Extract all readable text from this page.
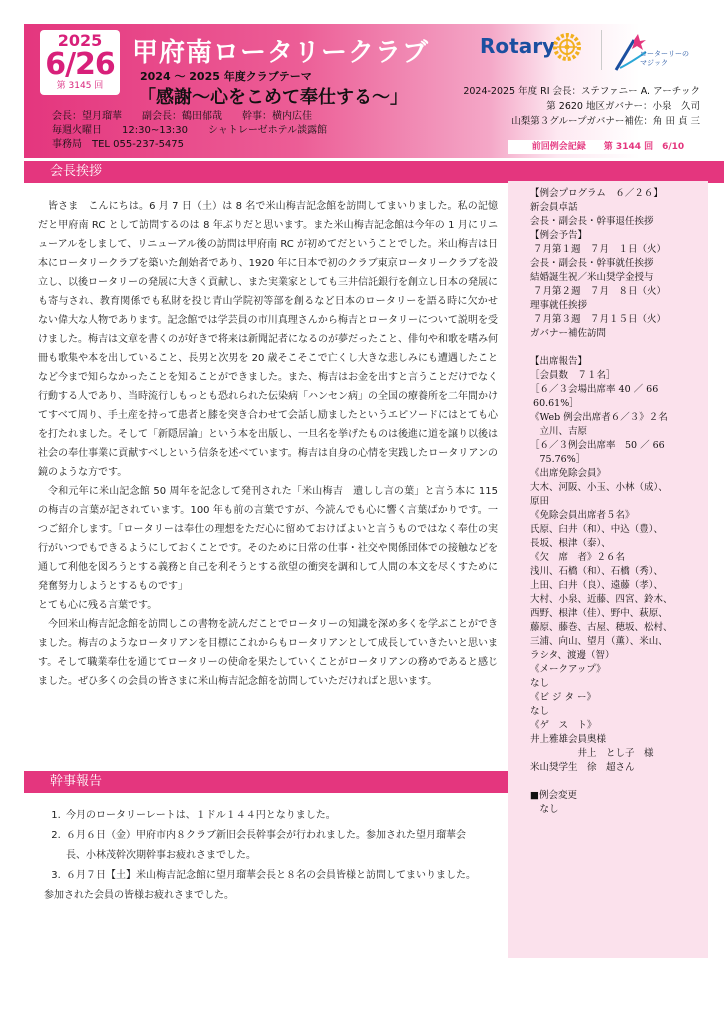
2025
6/26
第 3145 回
甲府南ロータリークラブ
2024 ～ 2025 年度クラブテーマ
「感謝～心をこめて奉仕する～」
会長：望月瑠華　　副会長：鶴田郁哉　　幹事：横内広佳
毎週火曜日　　12:30~13:30　　シャトレーゼホテル談露館
事務局　TEL 055-237-5475
Rotary	ローターリーの
マジック
2024-2025 年度 RI 会長：ステファニー A. アーチック
第 2620 地区ガバナー：小泉　久司
山梨第３グループガバナー補佐：角 田 貞 三
前回例会記録　　第 3144 回　6/10
会長挨拶

皆さま　こんにちは。6 月 7 日（土）は 8 名で米山梅吉記念館を訪問してまいりました。私の記憶だと甲府南 RC として訪問するのは 8 年ぶりだと思います。また米山梅吉記念館は今年の 1 月にリニューアルをしまして、リニューアル後の訪問は甲府南 RC が初めてだということでした。米山梅吉は日本にロータリークラブを築いた創始者であり、1920 年に日本で初のクラブ東京ロータリークラブを設立し、以後ロータリーの発展に大きく貢献し、また実業家としても三井信託銀行を創立し日本の発展にも寄与され、教育関係でも私財を投じ青山学院初等部を創るなど日本のロータリーを語る時に欠かせない偉大な人物であります。記念館では学芸員の市川真理さんから梅吉とロータリーについて説明を受けました。梅吉は文章を書くのが好きで将来は新聞記者になるのが夢だったこと、俳句や和歌を嗜み何冊も歌集や本を出していること、長男と次男を 20 歳そこそこで亡くし大きな悲しみにも遭遇したことなど今まで知らなかったことを知ることができました。また、梅吉はお金を出すと言うことだけでなく行動する人であり、当時流行しもっとも恐れられた伝染病「ハンセン病」の全国の療養所を二年間かけてすべて周り、手土産を持って患者と膝を突き合わせて会話し励ましたというエピソードにはとても心を打たれました。そして「新隠居論」という本を出版し、一旦名を挙げたものは後進に道を譲り以後は社会の奉仕事業に貢献すべしという信条を述べています。梅吉は自身の心情を実践したロータリアンの鏡のような方です。

令和元年に米山記念館 50 周年を記念して発刊された「米山梅吉　遺しし言の葉」と言う本に 115 の梅吉の言葉が記されています。100 年も前の言葉ですが、今読んでも心に響く言葉ばかりです。一つご紹介します。「ロータリーは奉仕の理想をただ心に留めておけばよいと言うものではなく奉仕の実行がいつでもできるようにしておくことです。そのために日常の仕事・社交や関係団体での接触などを通して利他を図ろうとする義務と自己を利そうとする欲望の衝突を調和して人間の本文を尽くすために発奮努力しようとするものです」

とても心に残る言葉です。

今回米山梅吉記念館を訪問しこの書物を読んだことでロータリーの知識を深め多くを学ぶことができました。梅吉のようなロータリアンを目標にこれからもロータリアンとして成長していきたいと思います。そして職業奉仕を通じてロータリーの使命を果たしていくことがロータリアンの務めであると感じました。ぜひ多くの会員の皆さまに米山梅吉記念館を訪問していただければと思います。

幹事報告
1. 今月のロータリーレートは、１ドル１４４円となりました。
2. ６月６日（金）甲府市内８クラブ新旧会長幹事会が行われました。参加された望月瑠華会長、小林茂幹次期幹事お疲れさまでした。
3. ６月７日【土】米山梅吉記念館に望月瑠華会長と８名の会員皆様と訪問してまいりました。
参加された会員の皆様お疲れさまでした。
【例会プログラム　６／２６】
新会員卓話
会長・副会長・幹事退任挨拶
【例会予告】
７月第１週　７月　１日（火）
会長・副会長・幹事就任挨拶
結婚誕生祝／米山奨学金授与
７月第２週　７月　８日（火）
理事就任挨拶
７月第３週　７月１５日（火）
ガバナー補佐訪問

【出席報告】
［会員数　７１名］
［６／３会場出席率 40 ／ 66
60.61%］
《Web 例会出席者６／３》２名
　立川、吉原
［６／３例会出席率　50 ／ 66
　75.76%］
《出席免除会員》
大木、河阪、小玉、小林（成）、
原田
《免除会員出席者５名》
氏原、臼井（和）、中込（豊）、
長坂、根津（泰）、
《欠　席　者》２６名
浅川、石橋（和）、石橋（秀）、
上田、臼井（良）、遠藤（孝）、
大村、小泉、近藤、四宮、鈴木、
西野、根津（佳）、野中、萩原、
藤原、藤巻、古屋、穂坂、松村、
三浦、向山、望月（薫）、米山、
ラシタ、渡邊（智）
《メークアップ》
なし
《ビ ジ タ ー》
なし
《ゲ　ス　ト》
井上雅雄会員奥様
　　　　　井上　とし子　様
米山奨学生　徐　超さん

■例会変更
　なし
